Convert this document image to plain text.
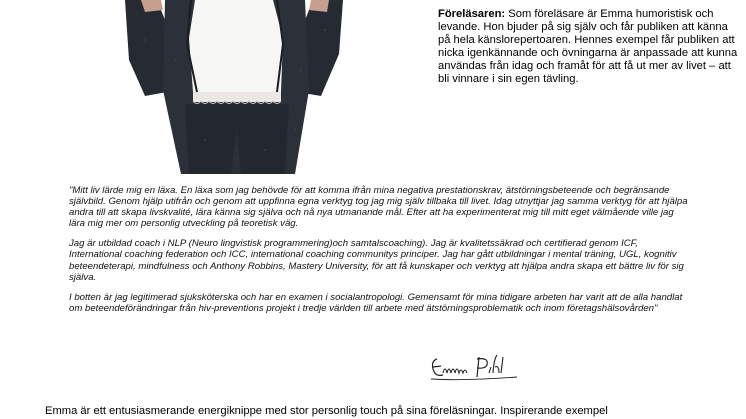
Föreläsaren: Som föreläsare är Emma humoristisk och levande. Hon bjuder på sig själv och får publiken att känna på hela känslorepertoaren. Hennes exempel får publiken att nicka igenkännande och övningarna är anpassade att kunna användas från idag och framåt för att få ut mer av livet – att bli vinnare i sin egen tävling.

"Mitt liv lärde mig en läxa. En läxa som jag behövde för att komma ifrån mina negativa prestationskrav, ätstörningsbeteende och begränsande självbild. Genom hjälp utifrån och genom att uppfinna egna verktyg tog jag mig själv tillbaka till livet. Idag utnyttjar jag samma verktyg för att hjälpa andra till att skapa livskvalité, lära känna sig själva och nå nya utmanande mål. Efter att ha experimenterat mig till mitt eget välmående ville jag lära mig mer om personlig utveckling på teoretisk väg.

Jag är utbildad coach i NLP (Neuro lingvistisk programmering)och samtalscoaching). Jag är kvalitetssäkrad och certifierad genom ICF, International coaching federation och ICC, international coaching communitys principer. Jag har gått utbildningar i mental träning, UGL, kognitiv beteendeterapi, mindfulness och Anthony Robbins, Mastery University, för att få kunskaper och verktyg att hjälpa andra skapa ett bättre liv för sig själva.

I botten är jag legitimerad sjuksköterska och har en examen i socialantropologi. Gemensamt för mina tidigare arbeten har varit att de alla handlat om beteendeförändringar från hiv-preventions projekt i tredje världen till arbete med ätstörningsproblematik och inom företagshälsovården"

Emma är ett entusiasmerande energiknippe med stor personlig touch på sina föreläsningar. Inspirerande exempel
